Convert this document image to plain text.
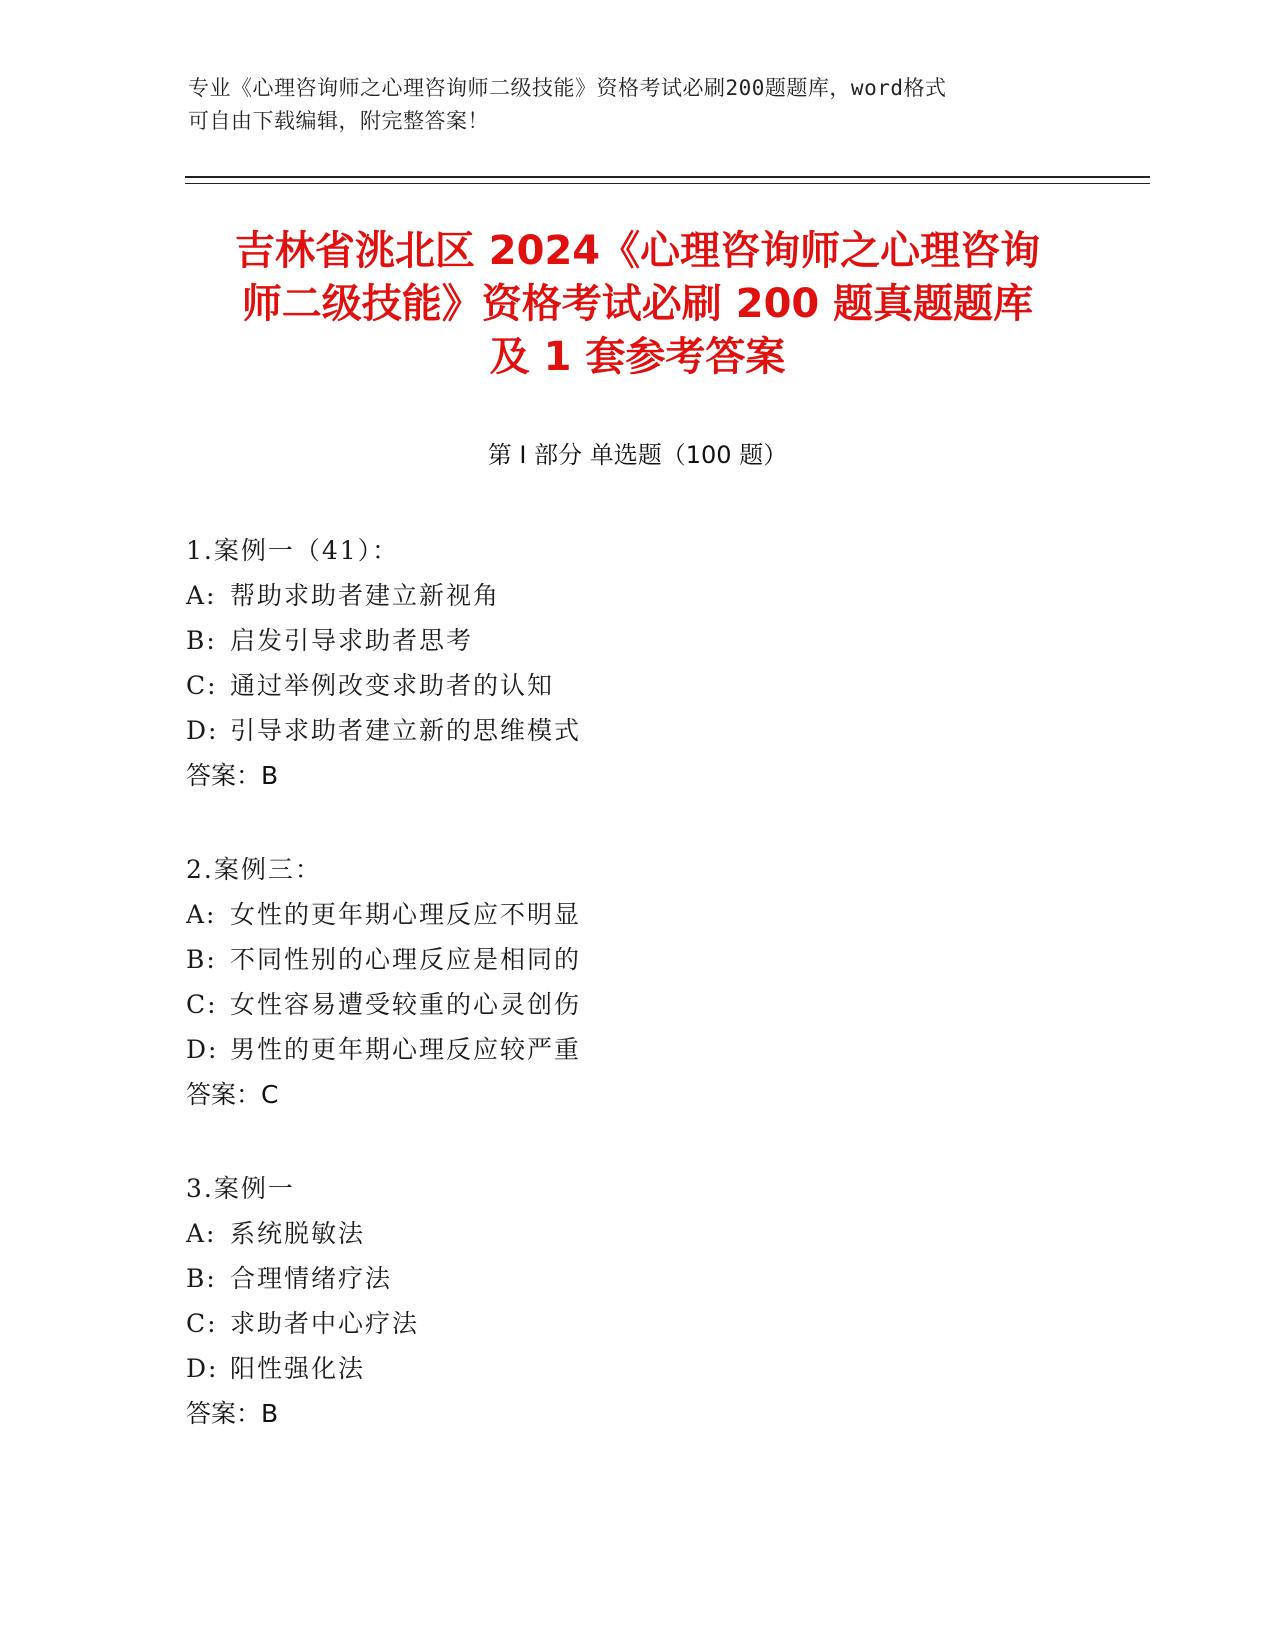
专业《心理咨询师之心理咨询师二级技能》资格考试必刷200题题库，word格式
可自由下载编辑，附完整答案！
吉林省洮北区 2024《心理咨询师之心理咨询
师二级技能》资格考试必刷 200 题真题题库
及 1 套参考答案
第 I 部分 单选题（100 题）
1.案例一（41）：
A: 帮助求助者建立新视角
B: 启发引导求助者思考
C: 通过举例改变求助者的认知
D: 引导求助者建立新的思维模式
答案：B
2.案例三：
A: 女性的更年期心理反应不明显
B: 不同性别的心理反应是相同的
C: 女性容易遭受较重的心灵创伤
D: 男性的更年期心理反应较严重
答案：C
3.案例一
A: 系统脱敏法
B: 合理情绪疗法
C: 求助者中心疗法
D: 阳性强化法
答案：B
